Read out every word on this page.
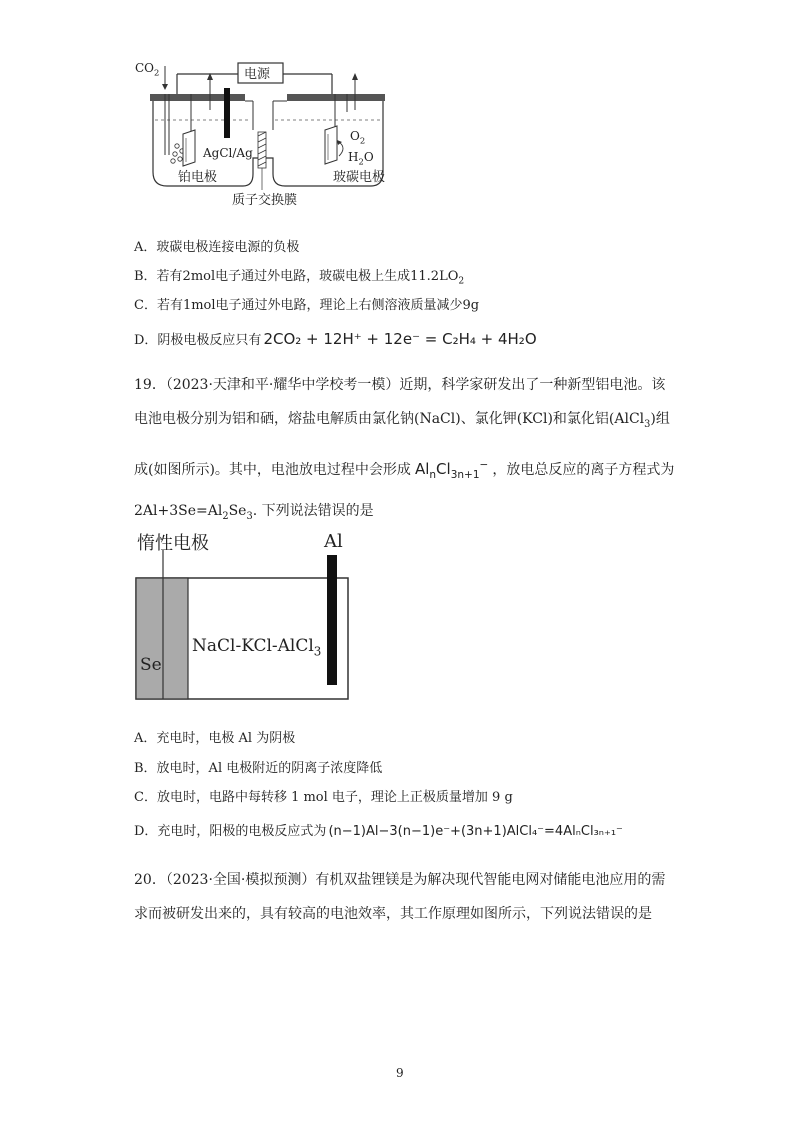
$CO_2$	电源
AgCl/Ag
$O_2$
$H_2O$
铂电极	玻碳电极
质子交换膜
A．玻碳电极连接电源的负极
B．若有2mol电子通过外电路，玻碳电极上生成$11.2LO_2$
C．若有1mol电子通过外电路，理论上右侧溶液质量减少9g
D．阴极电极反应只有 2CO₂ + 12H⁺ + 12e⁻ = C₂H₄ + 4H₂O
19．（2023·天津和平·耀华中学校考一模）近期，科学家研发出了一种新型铝电池。该
电池电极分别为铝和硒，熔盐电解质由氯化钠(NaCl)、氯化钾(KCl)和氯化铝(AlCl$_3$)组
成(如图所示)。其中，电池放电过程中会形成 $Al_nCl_{3n+1}^-$ ，放电总反应的离子方程式为
$2Al+3Se=Al_2Se_3$. 下列说法错误的是
惰性电极	Al
Se
NaCl-KCl-AlCl$_3$
A．充电时，电极 Al 为阴极
B．放电时，Al 电极附近的阴离子浓度降低
C．放电时，电路中每转移 1 mol 电子，理论上正极质量增加 9 g
D．充电时，阳极的电极反应式为 (n−1)Al−3(n−1)e⁻+(3n+1)AlCl₄⁻=4AlₙCl₃ₙ₊₁⁻
20．（2023·全国·模拟预测）有机双盐锂镁是为解决现代智能电网对储能电池应用的需
求而被研发出来的，具有较高的电池效率，其工作原理如图所示，下列说法错误的是
9
